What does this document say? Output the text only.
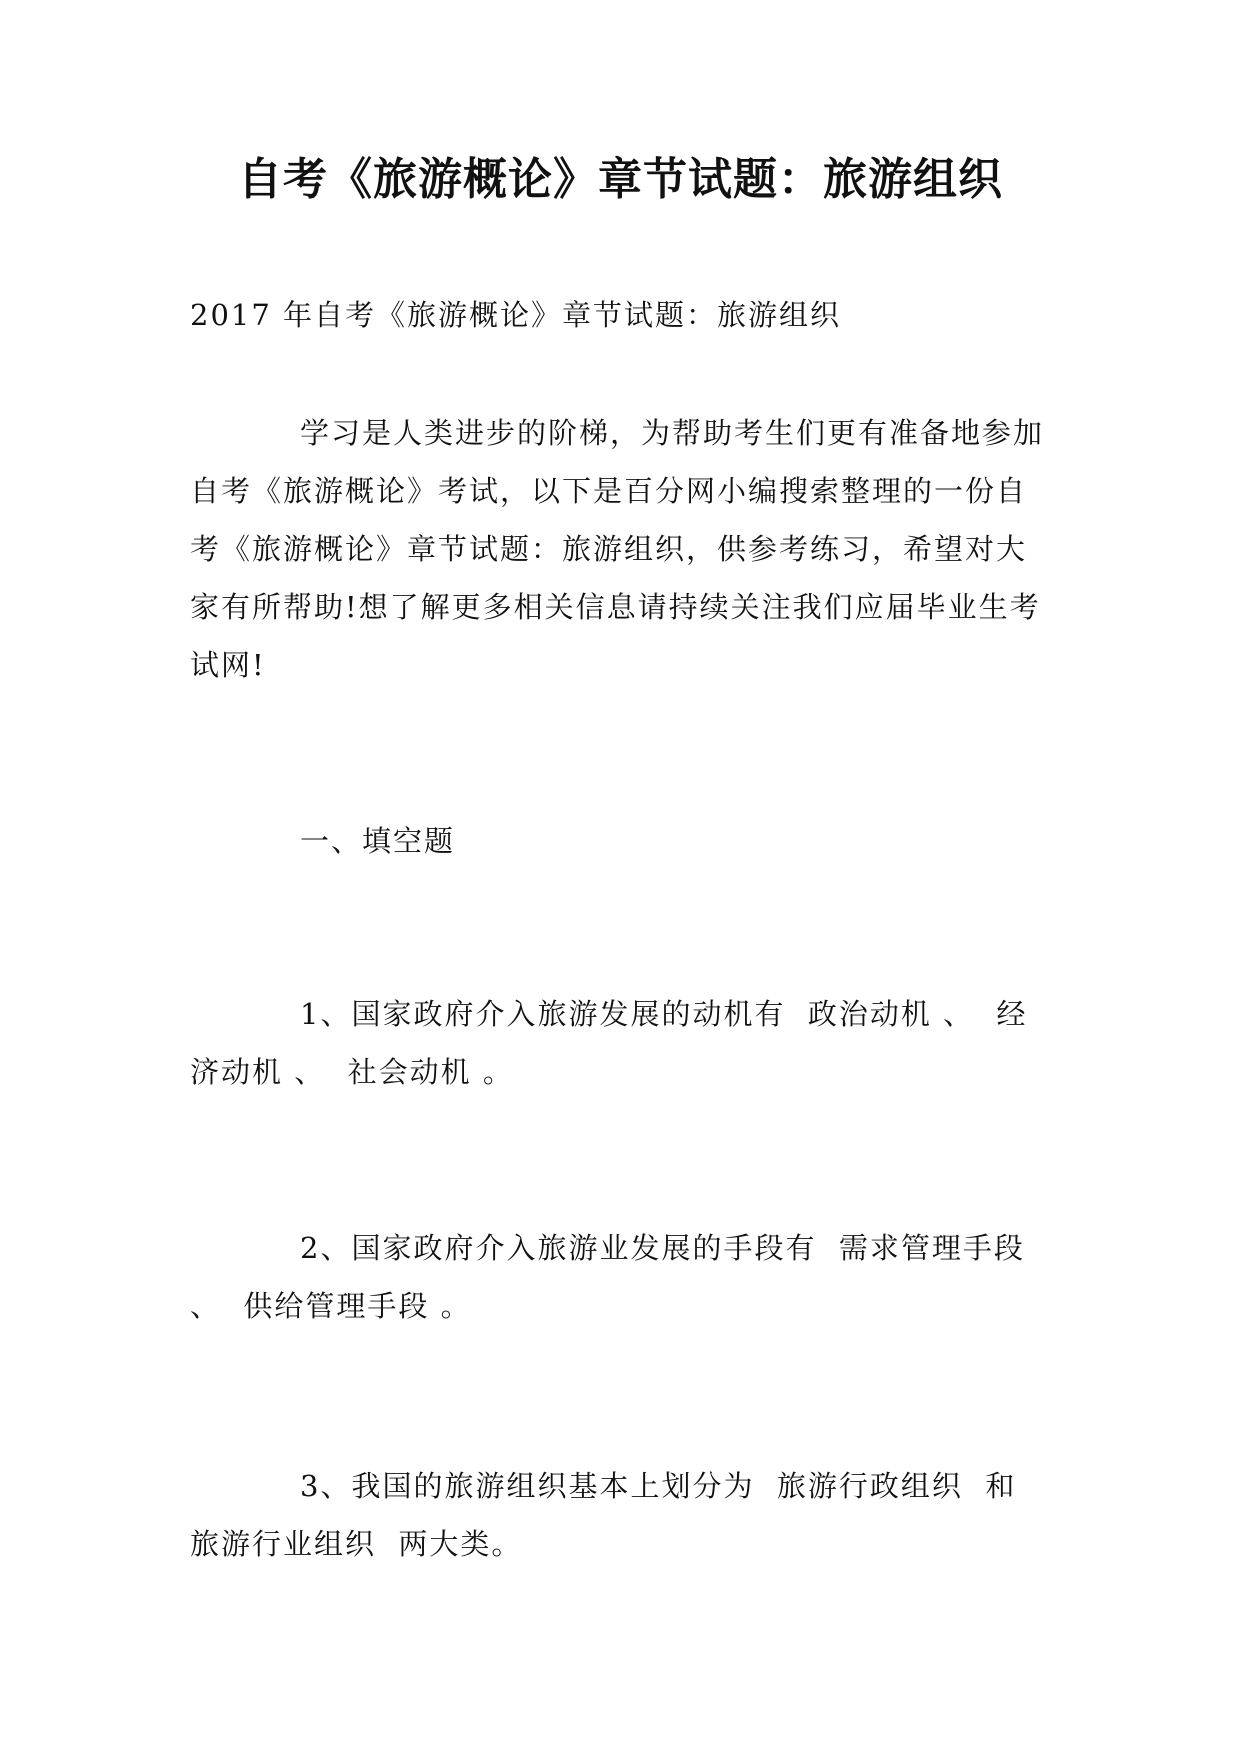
自考《旅游概论》章节试题：旅游组织
2017 年自考《旅游概论》章节试题：旅游组织
学习是人类进步的阶梯，为帮助考生们更有准备地参加自考《旅游概论》考试，以下是百分网小编搜索整理的一份自考《旅游概论》章节试题：旅游组织，供参考练习，希望对大家有所帮助!想了解更多相关信息请持续关注我们应届毕业生考试网!
一、填空题
1、国家政府介入旅游发展的动机有  政治动机 、  经济动机 、  社会动机 。
2、国家政府介入旅游业发展的手段有  需求管理手段 、  供给管理手段 。
3、我国的旅游组织基本上划分为  旅游行政组织  和  旅游行业组织  两大类。
